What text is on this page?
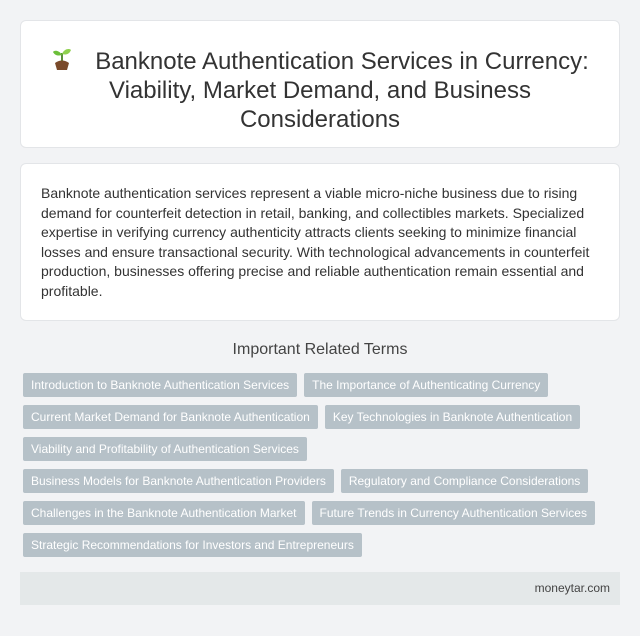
Banknote Authentication Services in Currency: Viability, Market Demand, and Business Considerations

Banknote authentication services represent a viable micro-niche business due to rising demand for counterfeit detection in retail, banking, and collectibles markets. Specialized expertise in verifying currency authenticity attracts clients seeking to minimize financial losses and ensure transactional security. With technological advancements in counterfeit production, businesses offering precise and reliable authentication remain essential and profitable.

Important Related Terms
Introduction to Banknote Authentication Services	The Importance of Authenticating Currency
Current Market Demand for Banknote Authentication	Key Technologies in Banknote Authentication
Viability and Profitability of Authentication Services
Business Models for Banknote Authentication Providers	Regulatory and Compliance Considerations
Challenges in the Banknote Authentication Market	Future Trends in Currency Authentication Services
Strategic Recommendations for Investors and Entrepreneurs
moneytar.com
